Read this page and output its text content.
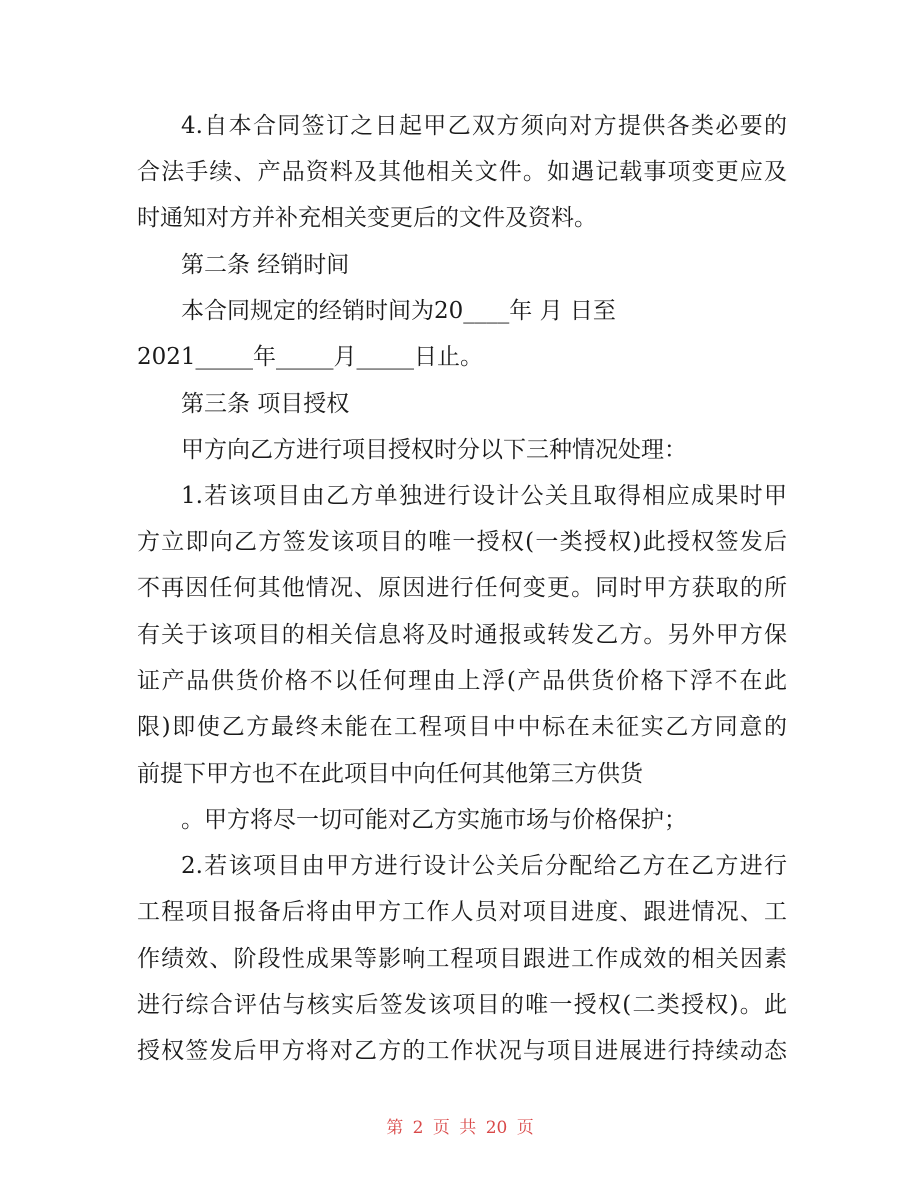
4.自本合同签订之日起甲乙双方须向对方提供各类必要的
合法手续、产品资料及其他相关文件。如遇记载事项变更应及
时通知对方并补充相关变更后的文件及资料。
第二条 经销时间
本合同规定的经销时间为20____年 月 日至
2021_____年_____月_____日止。
第三条 项目授权
甲方向乙方进行项目授权时分以下三种情况处理：
1.若该项目由乙方单独进行设计公关且取得相应成果时甲
方立即向乙方签发该项目的唯一授权(一类授权)此授权签发后
不再因任何其他情况、原因进行任何变更。同时甲方获取的所
有关于该项目的相关信息将及时通报或转发乙方。另外甲方保
证产品供货价格不以任何理由上浮(产品供货价格下浮不在此
限)即使乙方最终未能在工程项目中中标在未征实乙方同意的
前提下甲方也不在此项目中向任何其他第三方供货
。甲方将尽一切可能对乙方实施市场与价格保护；
2.若该项目由甲方进行设计公关后分配给乙方在乙方进行
工程项目报备后将由甲方工作人员对项目进度、跟进情况、工
作绩效、阶段性成果等影响工程项目跟进工作成效的相关因素
进行综合评估与核实后签发该项目的唯一授权(二类授权)。此
授权签发后甲方将对乙方的工作状况与项目进展进行持续动态
第 2 页 共 20 页
